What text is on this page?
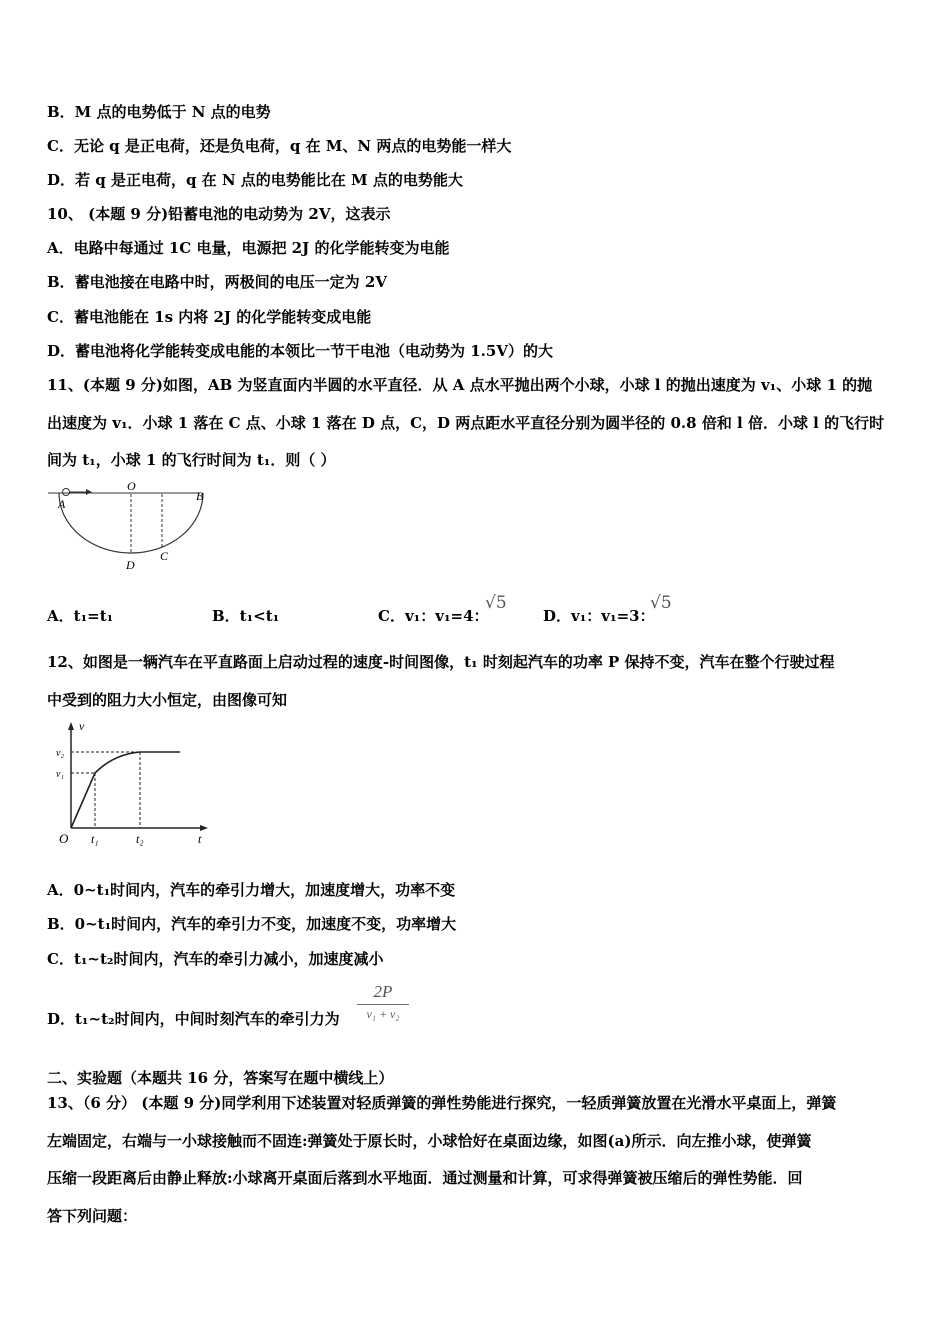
B．M 点的电势低于 N 点的电势
C．无论 q 是正电荷，还是负电荷，q 在 M、N 两点的电势能一样大
D．若 q 是正电荷，q 在 N 点的电势能比在 M 点的电势能大
10、 (本题 9 分)铅蓄电池的电动势为 2V，这表示
A．电路中每通过 1C 电量，电源把 2J 的化学能转变为电能
B．蓄电池接在电路中时，两极间的电压一定为 2V
C．蓄电池能在 1s 内将 2J 的化学能转变成电能
D．蓄电池将化学能转变成电能的本领比一节干电池（电动势为 1.5V）的大
11、(本题 9 分)如图，AB 为竖直面内半圆的水平直径．从 A 点水平抛出两个小球，小球 l 的抛出速度为 v₁、小球 1 的抛
出速度为 v₁．小球 1 落在 C 点、小球 1 落在 D 点，C，D 两点距水平直径分别为圆半径的 0.8 倍和 l 倍．小球 l 的飞行时
间为 t₁，小球 1 的飞行时间为 t₁．则（ ）
A
O
B
C
D
A．t₁=t₁	B．t₁<t₁	C．v₁：v₁=4：
√5
D．v₁：v₁=3：
√5
12、如图是一辆汽车在平直路面上启动过程的速度-时间图像，t₁ 时刻起汽车的功率 P 保持不变，汽车在整个行驶过程
中受到的阻力大小恒定，由图像可知
v
v₂
v₁
O t₁	t₂	t
A．0~t₁时间内，汽车的牵引力增大，加速度增大，功率不变
B．0~t₁时间内，汽车的牵引力不变，加速度不变，功率增大
C．t₁~t₂时间内，汽车的牵引力减小，加速度减小
D．t₁~t₂时间内，中间时刻汽车的牵引力为
2P
v₁ + v₂
二、实验题（本题共 16 分，答案写在题中横线上）
13、（6 分） (本题 9 分)同学利用下述装置对轻质弹簧的弹性势能进行探究，一轻质弹簧放置在光滑水平桌面上，弹簧
左端固定，右端与一小球接触而不固连:弹簧处于原长时，小球恰好在桌面边缘，如图(a)所示．向左推小球，使弹簧
压缩一段距离后由静止释放:小球离开桌面后落到水平地面．通过测量和计算，可求得弹簧被压缩后的弹性势能．回
答下列问题：
